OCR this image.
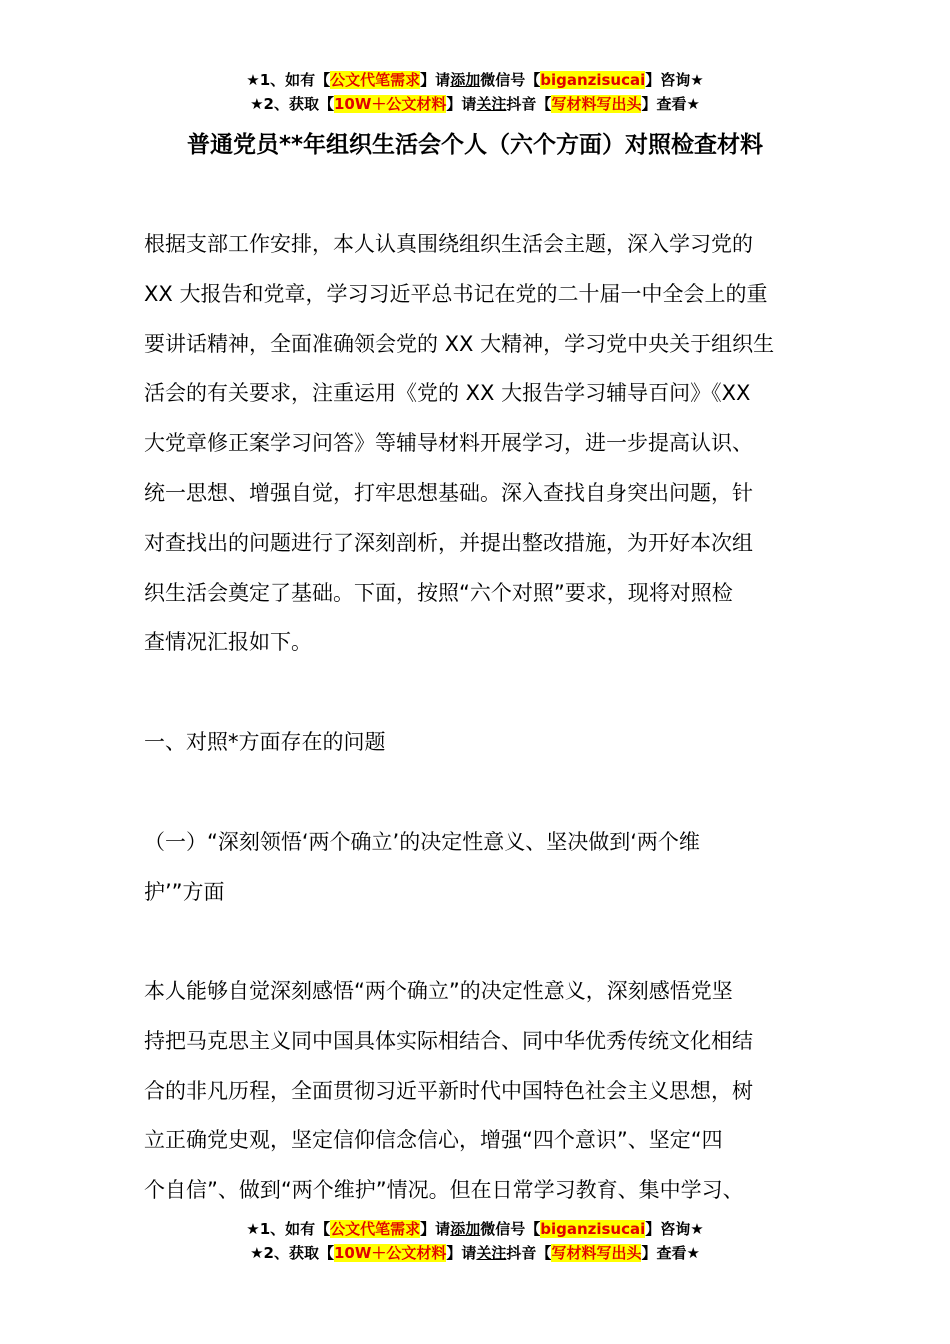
★1、如有【公文代笔需求】请添加微信号【biganzisucai】咨询★
★2、获取【10W＋公文材料】请关注抖音【写材料写出头】查看★
普通党员**年组织生活会个人（六个方面）对照检查材料
根据支部工作安排，本人认真围绕组织生活会主题，深入学习党的
XX 大报告和党章，学习习近平总书记在党的二十届一中全会上的重
要讲话精神，全面准确领会党的 XX 大精神，学习党中央关于组织生
活会的有关要求，注重运用《党的 XX 大报告学习辅导百问》《XX
大党章修正案学习问答》等辅导材料开展学习，进一步提高认识、
统一思想、增强自觉，打牢思想基础。深入查找自身突出问题，针
对查找出的问题进行了深刻剖析，并提出整改措施，为开好本次组
织生活会奠定了基础。下面，按照“六个对照”要求，现将对照检
查情况汇报如下。
一、对照*方面存在的问题
（一）“深刻领悟‘两个确立’的决定性意义、坚决做到‘两个维
护’”方面
本人能够自觉深刻感悟“两个确立”的决定性意义，深刻感悟党坚
持把马克思主义同中国具体实际相结合、同中华优秀传统文化相结
合的非凡历程，全面贯彻习近平新时代中国特色社会主义思想，树
立正确党史观，坚定信仰信念信心，增强“四个意识”、坚定“四
个自信”、做到“两个维护”情况。但在日常学习教育、集中学习、
★1、如有【公文代笔需求】请添加微信号【biganzisucai】咨询★
★2、获取【10W＋公文材料】请关注抖音【写材料写出头】查看★
